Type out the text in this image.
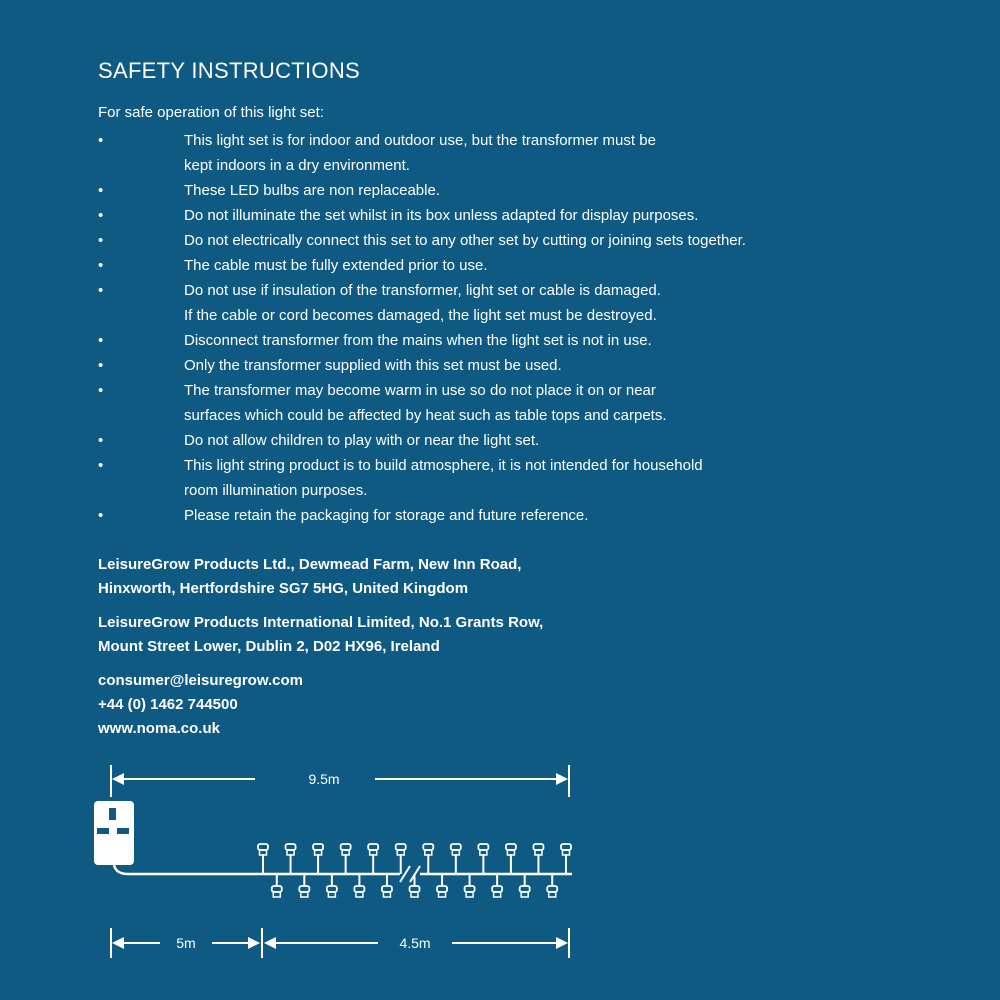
SAFETY INSTRUCTIONS

For safe operation of this light set:

•	This light set is for indoor and outdoor use, but the transformer must be
kept indoors in a dry environment.
•	These LED bulbs are non replaceable.
•	Do not illuminate the set whilst in its box unless adapted for display purposes.
•	Do not electrically connect this set to any other set by cutting or joining sets together.
•	The cable must be fully extended prior to use.
•	Do not use if insulation of the transformer, light set or cable is damaged.
If the cable or cord becomes damaged, the light set must be destroyed.
•	Disconnect transformer from the mains when the light set is not in use.
•	Only the transformer supplied with this set must be used.
•	The transformer may become warm in use so do not place it on or near
surfaces which could be affected by heat such as table tops and carpets.
•	Do not allow children to play with or near the light set.
•	This light string product is to build atmosphere, it is not intended for household
room illumination purposes.
•	Please retain the packaging for storage and future reference.

LeisureGrow Products Ltd., Dewmead Farm, New Inn Road,

Hinxworth, Hertfordshire SG7 5HG, United Kingdom

LeisureGrow Products International Limited, No.1 Grants Row,

Mount Street Lower, Dublin 2, D02 HX96, Ireland

consumer@leisuregrow.com
+44 (0) 1462 744500
www.noma.co.uk
9.5m
5m	4.5m
